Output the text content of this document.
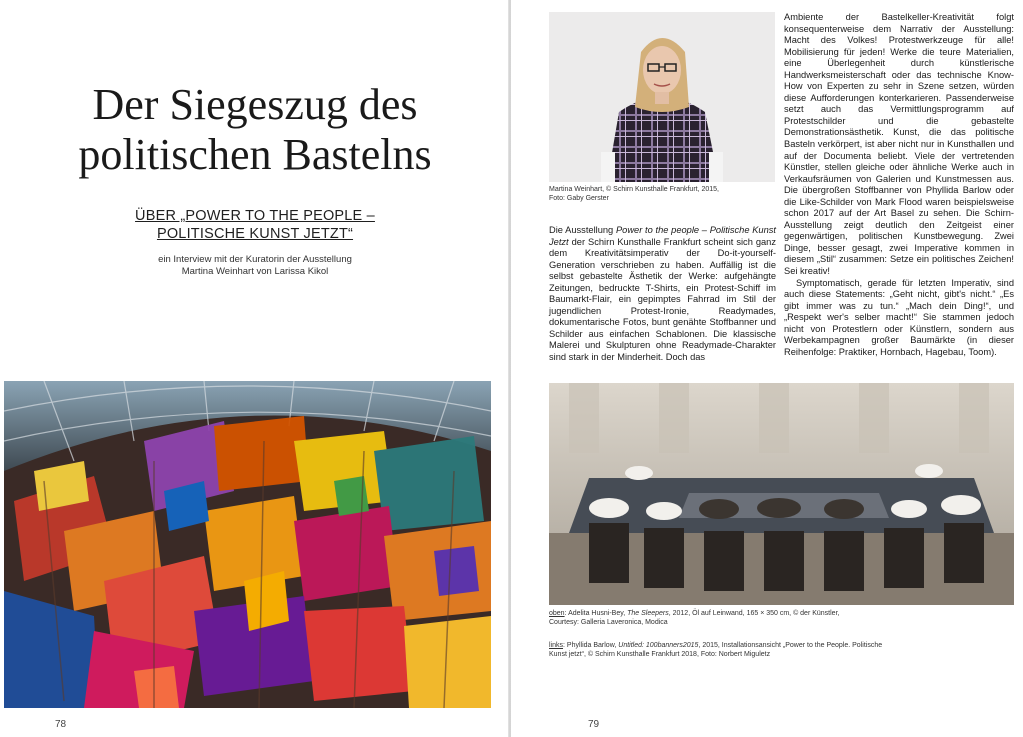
Der Siegeszug des
politischen Bastelns
ÜBER „POWER TO THE PEOPLE –
POLITISCHE KUNST JETZT“
ein Interview mit der Kuratorin der Ausstellung
Martina Weinhart von Larissa Kikol
78
Martina Weinhart, © Schirn Kunsthalle Frankfurt, 2015,
Foto: Gaby Gerster

Die Ausstellung Power to the people – Politische Kunst Jetzt der Schirn Kunsthalle Frankfurt scheint sich ganz dem Kreativitätsimperativ der Do-it-yourself-Generation verschrieben zu haben. Auffällig ist die selbst gebastelte Ästhetik der Werke: aufgehängte Zeitungen, bedruckte T-Shirts, ein Protest-Schiff im Baumarkt-Flair, ein gepimptes Fahrrad im Stil der jugendlichen Protest-Ironie, Readymades, dokumentarische Fotos, bunt genähte Stoffbanner und Schilder aus einfachen Schablonen. Die klassische Malerei und Skulpturen ohne Readymade-Charakter sind stark in der Minderheit. Doch das

Ambiente der Bastelkeller-Kreativität folgt konsequenterweise dem Narrativ der Ausstellung: Macht des Volkes! Protestwerkzeuge für alle! Mobilisierung für jeden! Werke die teure Materialien, eine Überlegenheit durch künstlerische Handwerksmeisterschaft oder das technische Know-How von Experten zu sehr in Szene setzen, würden diese Aufforderungen konterkarieren. Passenderweise setzt auch das Vermittlungsprogramm auf Protestschilder und die gebastelte Demonstrationsästhetik. Kunst, die das politische Basteln verkörpert, ist aber nicht nur in Kunsthallen und auf der Documenta beliebt. Viele der vertretenden Künstler, stellen gleiche oder ähnliche Werke auch in Verkaufsräumen von Galerien und Kunstmessen aus. Die übergroßen Stoffbanner von Phyllida Barlow oder die Like-Schilder von Mark Flood waren beispielsweise schon 2017 auf der Art Basel zu sehen. Die Schirn-Ausstellung zeigt deutlich den Zeitgeist einer gegenwärtigen, politischen Kunstbewegung. Zwei Dinge, besser gesagt, zwei Imperative kommen in diesem „Stil“ zusammen: Setze ein politisches Zeichen! Sei kreativ!

Symptomatisch, gerade für letzten Imperativ, sind auch diese Statements: „Geht nicht, gibt's nicht.“ „Es gibt immer was zu tun.“ „Mach dein Ding!“, und „Respekt wer's selber macht!“ Sie stammen jedoch nicht von Protestlern oder Künstlern, sondern aus Werbekampagnen großer Baumärkte (in dieser Reihenfolge: Praktiker, Hornbach, Hagebau, Toom).

oben: Adelita Husni-Bey, The Sleepers, 2012, Öl auf Leinwand, 165 × 350 cm, © der Künstler,
Courtesy: Galleria Laveronica, Modica
links: Phyllida Barlow, Untitled: 100banners2015, 2015, Installationsansicht „Power to the People. Politische
Kunst jetzt“, © Schirn Kunsthalle Frankfurt 2018, Foto: Norbert Miguletz
79
